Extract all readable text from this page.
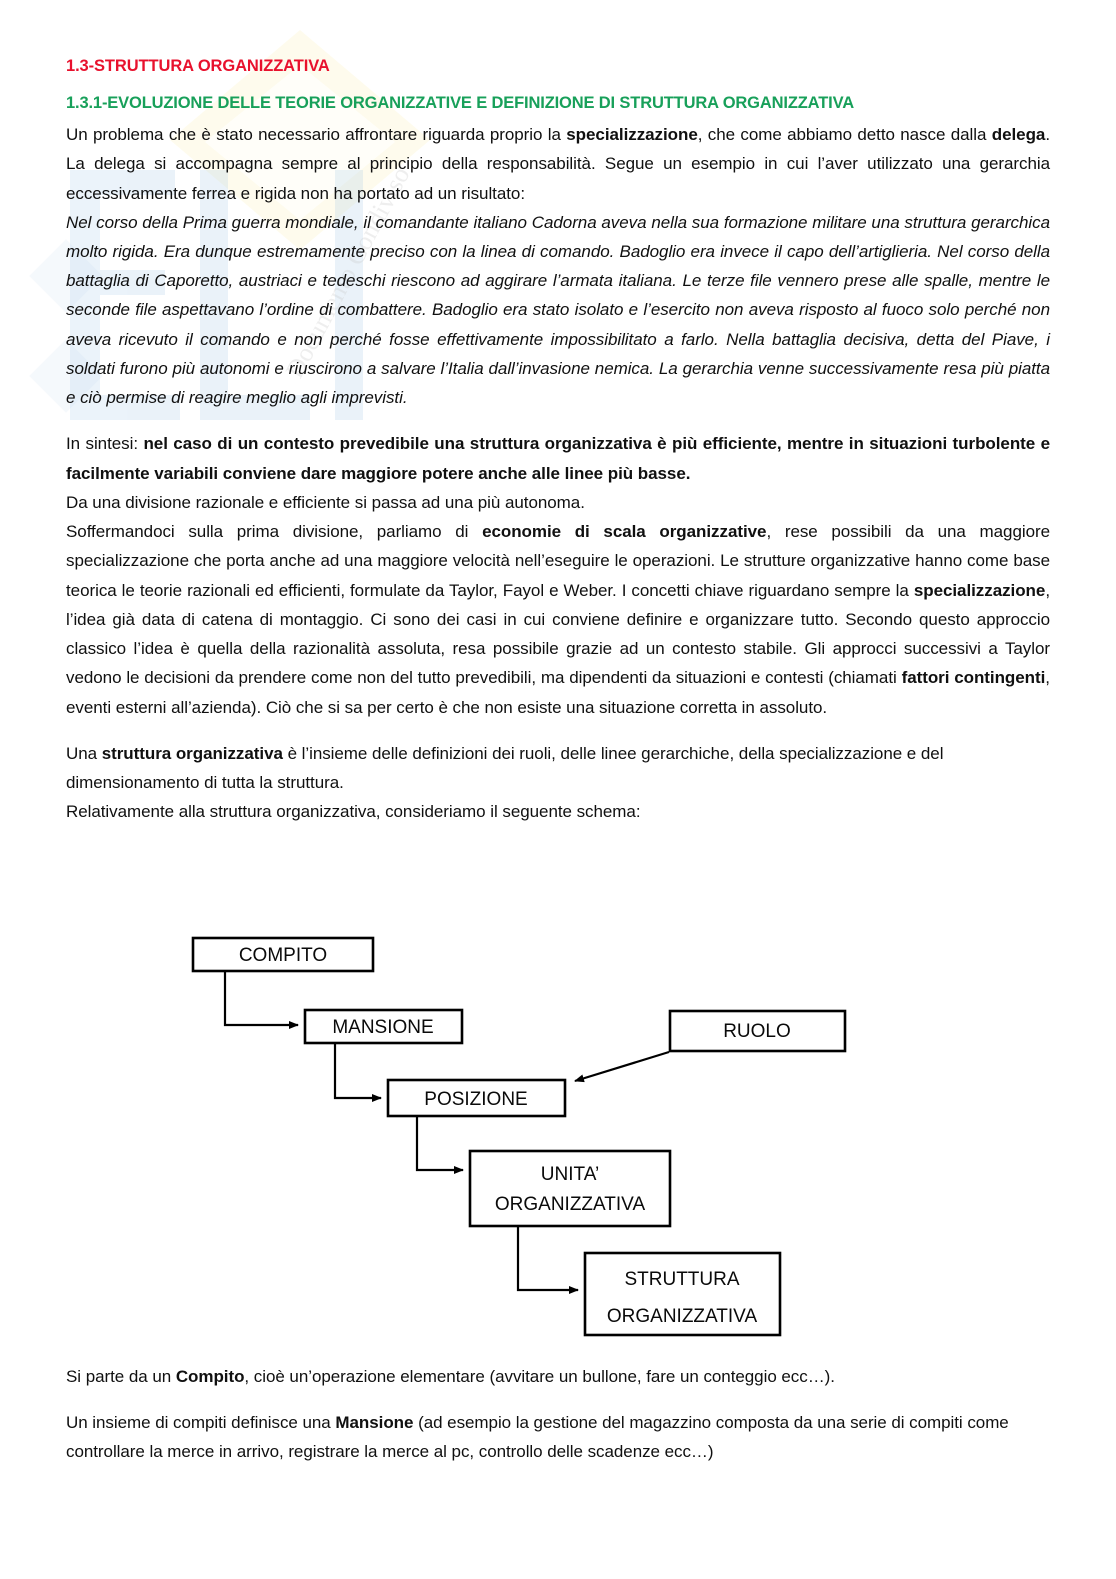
Documento Condiviso
1.3-STRUTTURA ORGANIZZATIVA
1.3.1-EVOLUZIONE DELLE TEORIE ORGANIZZATIVE E DEFINIZIONE DI STRUTTURA ORGANIZZATIVA

Un problema che è stato necessario affrontare riguarda proprio la specializzazione, che come abbiamo detto nasce dalla delega. La delega si accompagna sempre al principio della responsabilità. Segue un esempio in cui l’aver utilizzato una gerarchia eccessivamente ferrea e rigida non ha portato ad un risultato:

Nel corso della Prima guerra mondiale, il comandante italiano Cadorna aveva nella sua formazione militare una struttura gerarchica molto rigida. Era dunque estremamente preciso con la linea di comando. Badoglio era invece il capo dell’artiglieria. Nel corso della battaglia di Caporetto, austriaci e tedeschi riescono ad aggirare l’armata italiana. Le terze file vennero prese alle spalle, mentre le seconde file aspettavano l’ordine di combattere. Badoglio era stato isolato e l’esercito non aveva risposto al fuoco solo perché non aveva ricevuto il comando e non perché fosse effettivamente impossibilitato a farlo. Nella battaglia decisiva, detta del Piave, i soldati furono più autonomi e riuscirono a salvare l’Italia dall’invasione nemica. La gerarchia venne successivamente resa più piatta e ciò permise di reagire meglio agli imprevisti.

In sintesi: nel caso di un contesto prevedibile una struttura organizzativa è più efficiente, mentre in situazioni turbolente e facilmente variabili conviene dare maggiore potere anche alle linee più basse.

Da una divisione razionale e efficiente si passa ad una più autonoma.

Soffermandoci sulla prima divisione, parliamo di economie di scala organizzative, rese possibili da una maggiore specializzazione che porta anche ad una maggiore velocità nell’eseguire le operazioni. Le strutture organizzative hanno come base teorica le teorie razionali ed efficienti, formulate da Taylor, Fayol e Weber. I concetti chiave riguardano sempre la specializzazione, l’idea già data di catena di montaggio. Ci sono dei casi in cui conviene definire e organizzare tutto. Secondo questo approccio classico l’idea è quella della razionalità assoluta, resa possibile grazie ad un contesto stabile. Gli approcci successivi a Taylor vedono le decisioni da prendere come non del tutto prevedibili, ma dipendenti da situazioni e contesti (chiamati fattori contingenti, eventi esterni all’azienda). Ciò che si sa per certo è che non esiste una situazione corretta in assoluto.

Una struttura organizzativa è l’insieme delle definizioni dei ruoli, delle linee gerarchiche, della specializzazione e del dimensionamento di tutta la struttura.

Relativamente alla struttura organizzativa, consideriamo il seguente schema:

COMPITO
MANSIONE	RUOLO
POSIZIONE
UNITA’
ORGANIZZATIVA
STRUTTURA
ORGANIZZATIVA

Si parte da un Compito, cioè un’operazione elementare (avvitare un bullone, fare un conteggio ecc…).

Un insieme di compiti definisce una Mansione (ad esempio la gestione del magazzino composta da una serie di compiti come controllare la merce in arrivo, registrare la merce al pc, controllo delle scadenze ecc…)
